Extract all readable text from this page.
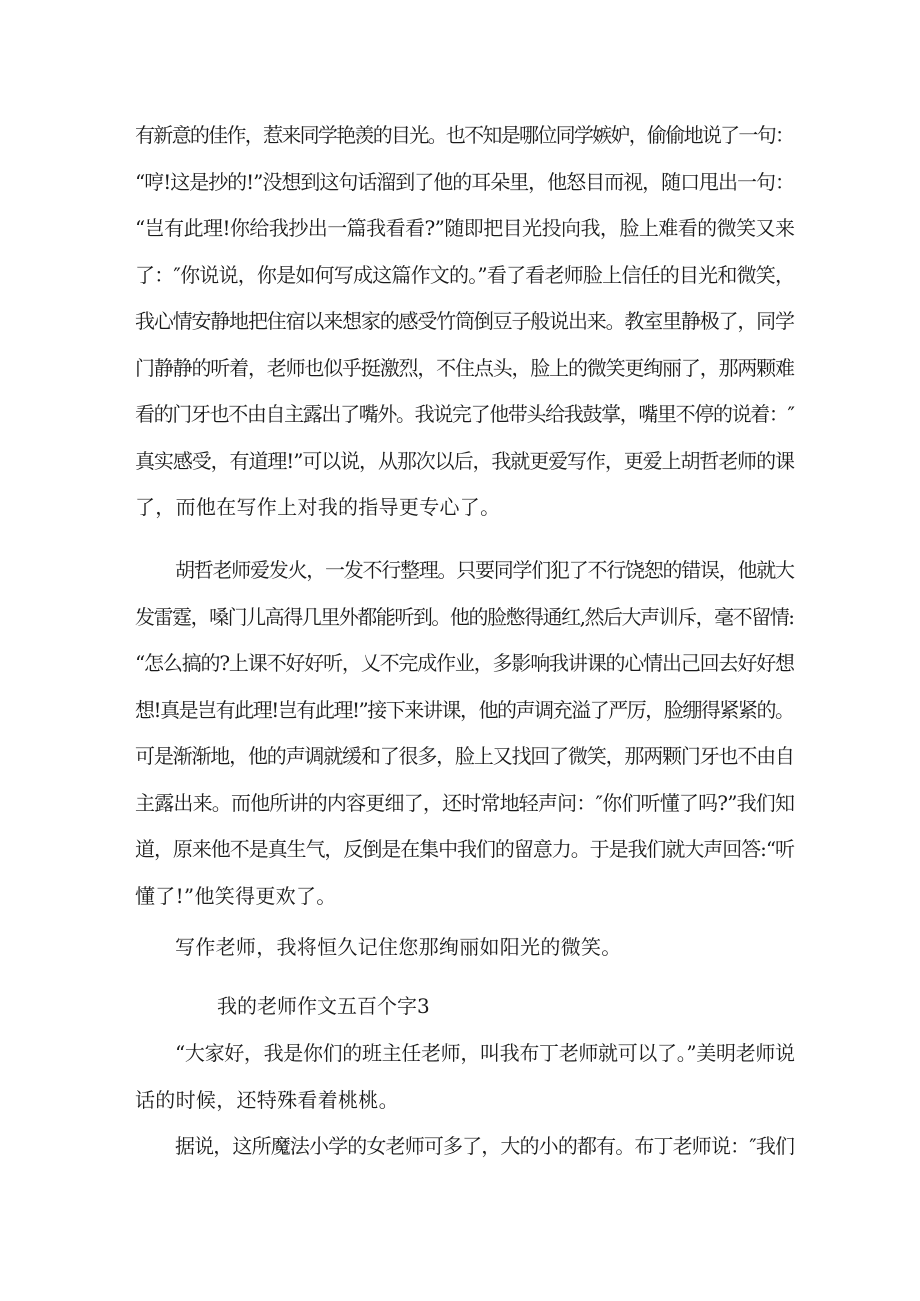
有新意的佳作，惹来同学艳羡的目光。也不知是哪位同学嫉妒，偷偷地说了一句：
“哼!这是抄的!”没想到这句话溜到了他的耳朵里，他怒目而视，随口甩出一句：
“岂有此理!你给我抄出一篇我看看?”随即把目光投向我，脸上难看的微笑又来
了：″你说说，你是如何写成这篇作文的。”看了看老师脸上信任的目光和微笑，
我心情安静地把住宿以来想家的感受竹筒倒豆子般说出来。教室里静极了，同学
门静静的听着，老师也似乎挺激烈，不住点头，脸上的微笑更绚丽了，那两颗难
看的门牙也不由自主露出了嘴外。我说完了他带头给我鼓掌，嘴里不停的说着：″
真实感受，有道理!”可以说，从那次以后，我就更爱写作，更爱上胡哲老师的课
了，而他在写作上对我的指导更专心了。
胡哲老师爱发火，一发不行整理。只要同学们犯了不行饶恕的错误，他就大
发雷霆，嗓门儿高得几里外都能听到。他的脸憋得通红,然后大声训斥，毫不留情:
“怎么搞的?上课不好好听，乂不完成作业，多影响我讲课的心情出己回去好好想
想!真是岂有此理!岂有此理!”接下来讲课，他的声调充溢了严厉，脸绷得紧紧的。
可是渐渐地，他的声调就缓和了很多，脸上又找回了微笑，那两颗门牙也不由自
主露出来。而他所讲的内容更细了，还时常地轻声问：″你们听懂了吗?”我们知
道，原来他不是真生气，反倒是在集中我们的留意力。于是我们就大声回答:“听
懂了!”他笑得更欢了。
写作老师，我将恒久记住您那绚丽如阳光的微笑。
我的老师作文五百个字3
“大家好，我是你们的班主任老师，叫我布丁老师就可以了。”美明老师说
话的时候，还特殊看着桃桃。
据说，这所魔法小学的女老师可多了，大的小的都有。布丁老师说：″我们
